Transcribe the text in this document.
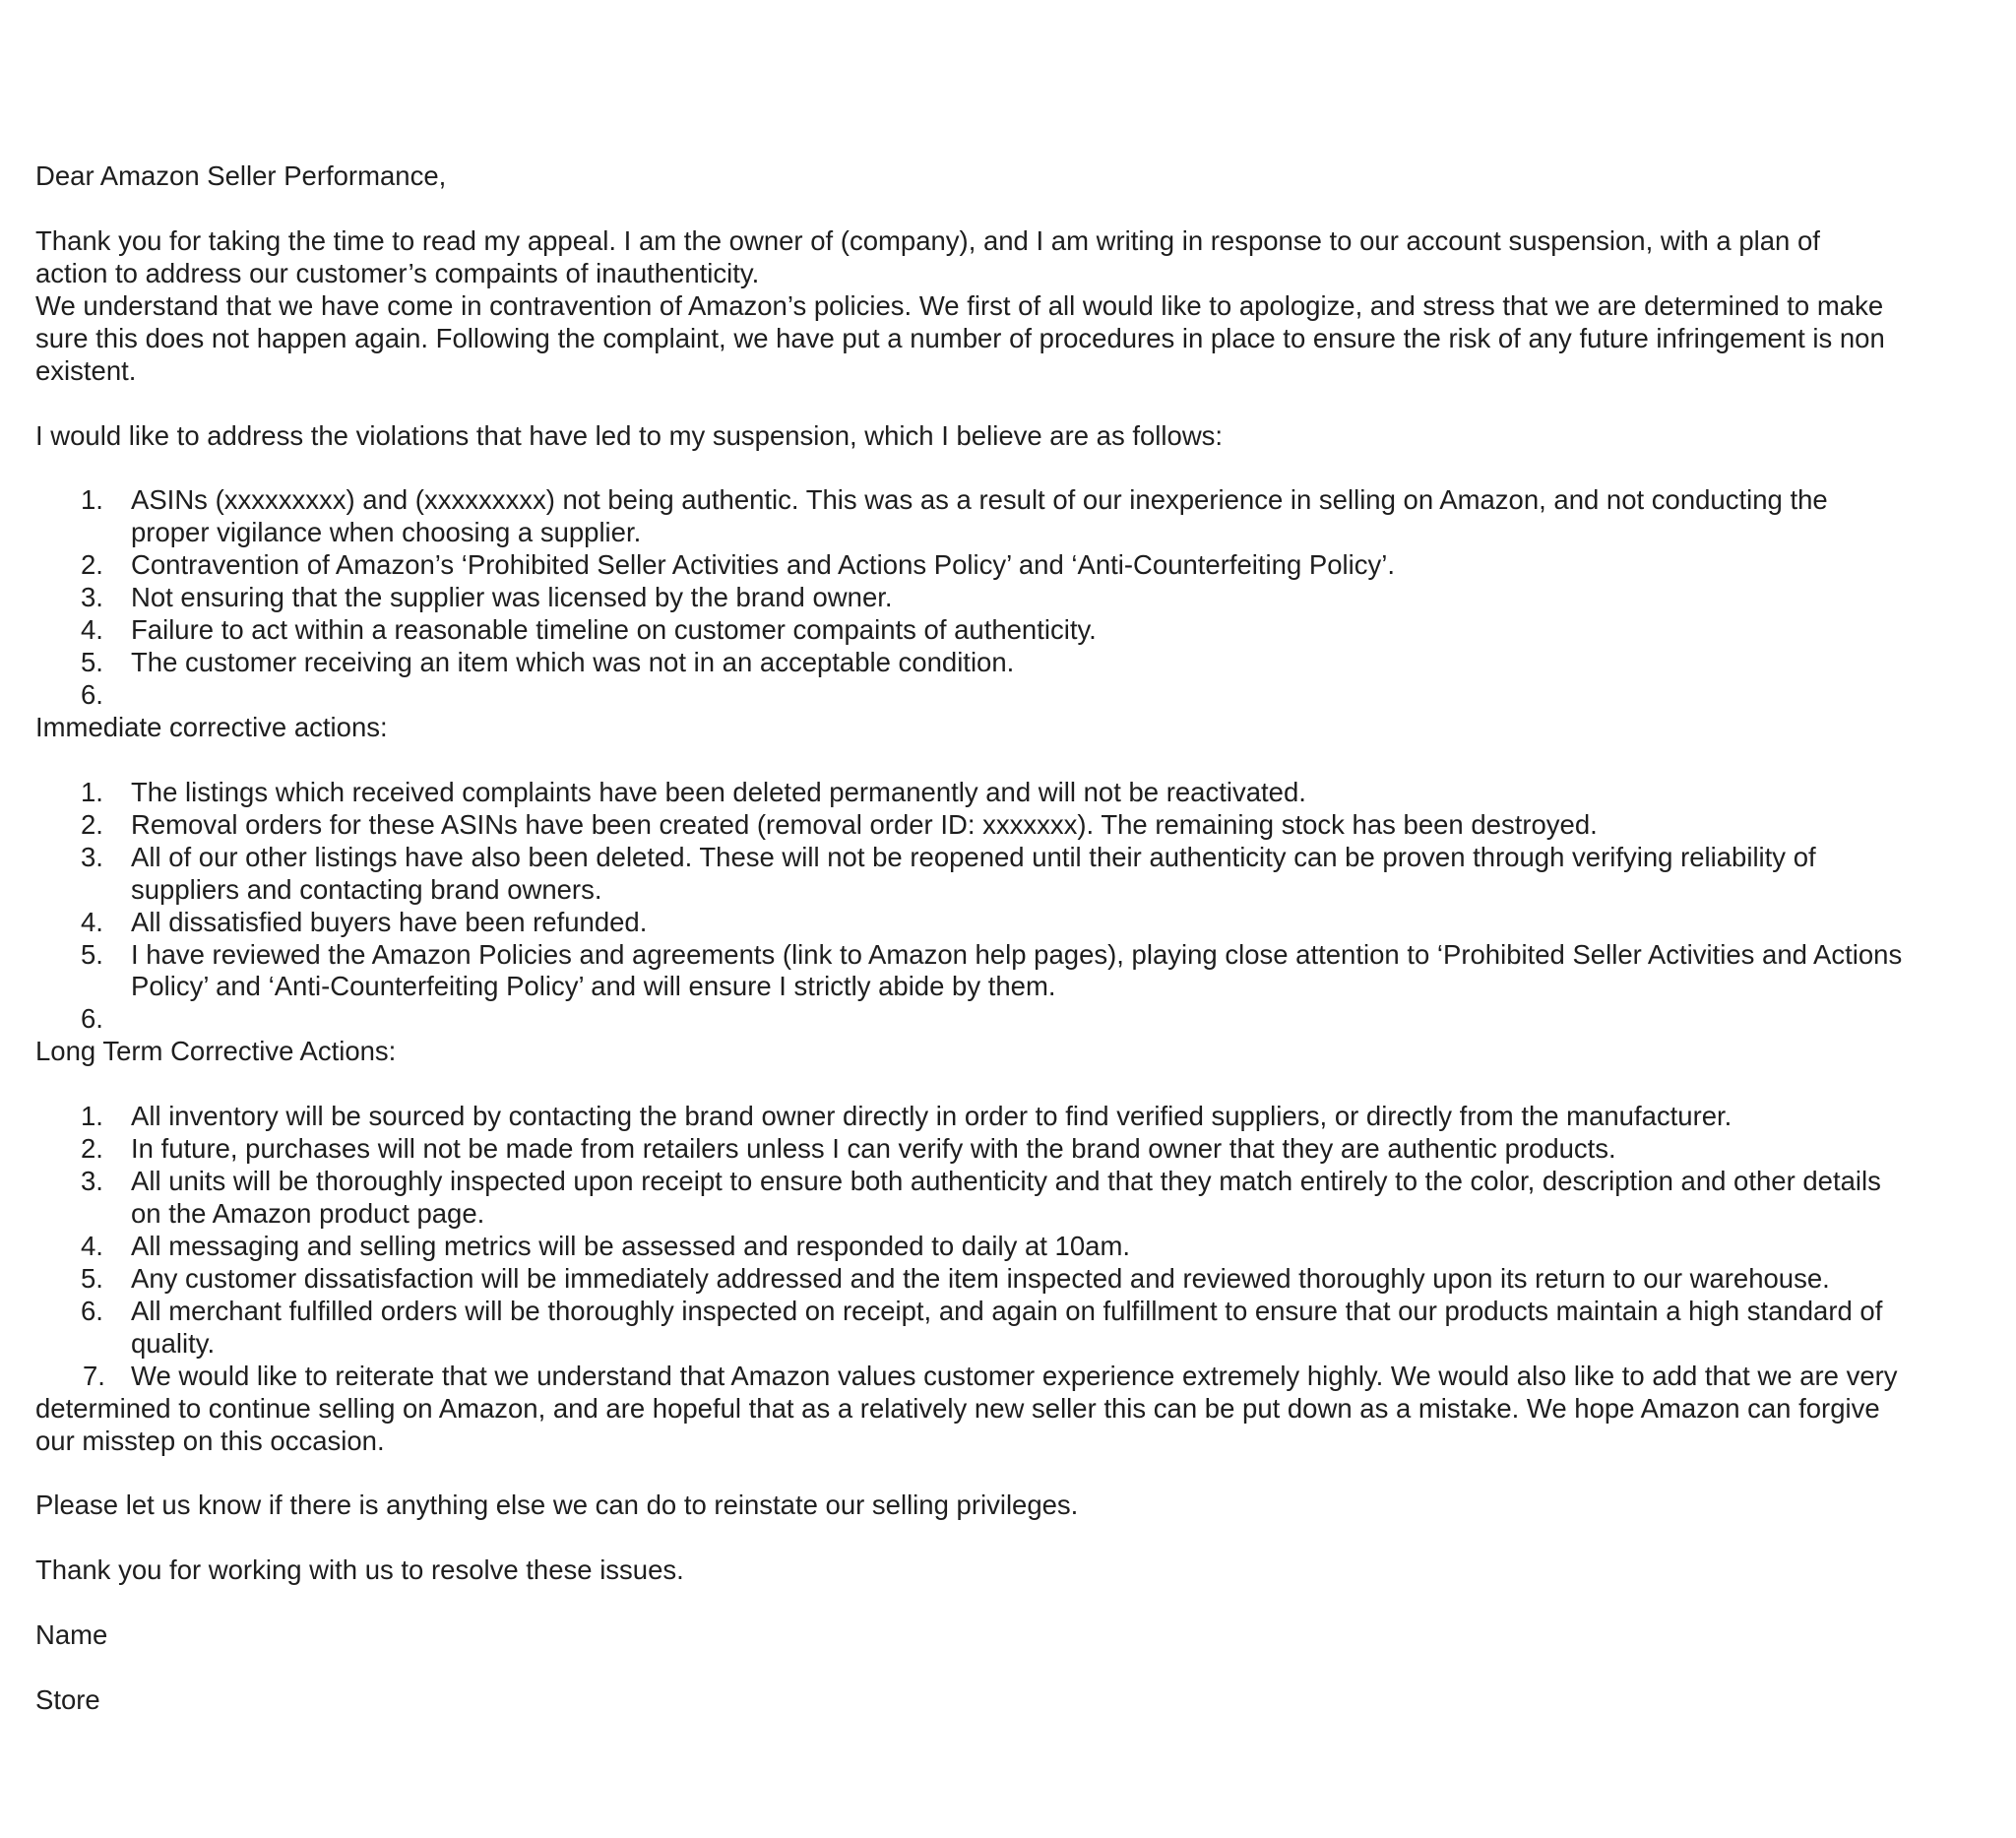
Dear Amazon Seller Performance,
Thank you for taking the time to read my appeal. I am the owner of (company), and I am writing in response to our account suspension, with a plan of
action to address our customer’s compaints of inauthenticity.
We understand that we have come in contravention of Amazon’s policies. We first of all would like to apologize, and stress that we are determined to make
sure this does not happen again. Following the complaint, we have put a number of procedures in place to ensure the risk of any future infringement is non
existent.
I would like to address the violations that have led to my suspension, which I believe are as follows:
1.	ASINs (xxxxxxxxx) and (xxxxxxxxx) not being authentic. This was as a result of our inexperience in selling on Amazon, and not conducting the
proper vigilance when choosing a supplier.
2.	Contravention of Amazon’s ‘Prohibited Seller Activities and Actions Policy’ and ‘Anti-Counterfeiting Policy’.
3.	Not ensuring that the supplier was licensed by the brand owner.
4.	Failure to act within a reasonable timeline on customer compaints of authenticity.
5.	The customer receiving an item which was not in an acceptable condition.
6.
Immediate corrective actions:
1.	The listings which received complaints have been deleted permanently and will not be reactivated.
2.	Removal orders for these ASINs have been created (removal order ID: xxxxxxx). The remaining stock has been destroyed.
3.	All of our other listings have also been deleted. These will not be reopened until their authenticity can be proven through verifying reliability of
suppliers and contacting brand owners.
4.	All dissatisfied buyers have been refunded.
5.	I have reviewed the Amazon Policies and agreements (link to Amazon help pages), playing close attention to ‘Prohibited Seller Activities and Actions
Policy’ and ‘Anti-Counterfeiting Policy’ and will ensure I strictly abide by them.
6.
Long Term Corrective Actions:
1.	All inventory will be sourced by contacting the brand owner directly in order to find verified suppliers, or directly from the manufacturer.
2.	In future, purchases will not be made from retailers unless I can verify with the brand owner that they are authentic products.
3.	All units will be thoroughly inspected upon receipt to ensure both authenticity and that they match entirely to the color, description and other details
on the Amazon product page.
4.	All messaging and selling metrics will be assessed and responded to daily at 10am.
5.	Any customer dissatisfaction will be immediately addressed and the item inspected and reviewed thoroughly upon its return to our warehouse.
6.	All merchant fulfilled orders will be thoroughly inspected on receipt, and again on fulfillment to ensure that our products maintain a high standard of
quality.
7. We would like to reiterate that we understand that Amazon values customer experience extremely highly. We would also like to add that we are very
determined to continue selling on Amazon, and are hopeful that as a relatively new seller this can be put down as a mistake. We hope Amazon can forgive
our misstep on this occasion.
Please let us know if there is anything else we can do to reinstate our selling privileges.
Thank you for working with us to resolve these issues.
Name
Store
